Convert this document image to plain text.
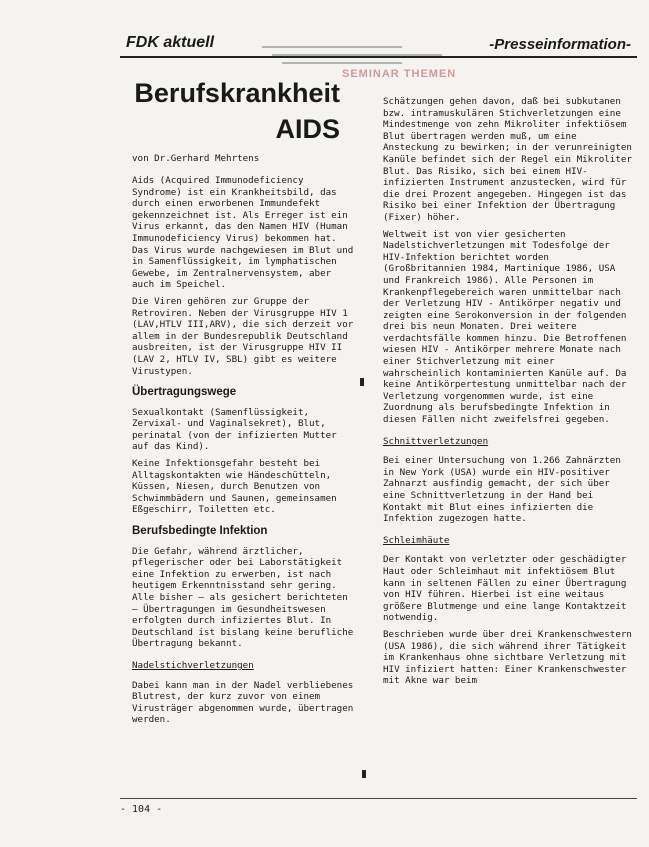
FDK aktuell	-Presseinformation-
SEMINAR THEMEN
Berufskrankheit
AIDS
von Dr.Gerhard Mehrtens

Aids (Acquired Immunodeficiency Syndrome) ist ein Krankheitsbild, das durch einen erworbenen Immundefekt gekennzeichnet ist. Als Erreger ist ein Virus erkannt, das den Namen HIV (Human Immunodeficiency Virus) bekommen hat. Das Virus wurde nachgewiesen im Blut und in Samenflüssigkeit, im lymphatischen Gewebe, im Zentralnervensystem, aber auch im Speichel.

Die Viren gehören zur Gruppe der Retroviren. Neben der Virusgruppe HIV 1 (LAV,HTLV III,ARV), die sich derzeit vor allem in der Bundesrepublik Deutschland ausbreiten, ist der Virusgruppe HIV II (LAV 2, HTLV IV, SBL) gibt es weitere Virustypen.

Übertragungswege

Sexualkontakt (Samenflüssigkeit, Zervixal- und Vaginalsekret), Blut, perinatal (von der infizierten Mutter auf das Kind).

Keine Infektionsgefahr besteht bei Alltagskontakten wie Händeschütteln, Küssen, Niesen, durch Benutzen von Schwimmbädern und Saunen, gemeinsamen Eßgeschirr, Toiletten etc.

Berufsbedingte Infektion

Die Gefahr, während ärztlicher, pflegerischer oder bei Laborstätigkeit eine Infektion zu erwerben, ist nach heutigem Erkenntnisstand sehr gering. Alle bisher – als gesichert berichteten – Übertragungen im Gesundheitswesen erfolgten durch infiziertes Blut. In Deutschland ist bislang keine berufliche Übertragung bekannt.

Nadelstichverletzungen

Dabei kann man in der Nadel verbliebenes Blutrest, der kurz zuvor von einem Virusträger abgenommen wurde, übertragen werden.

Schätzungen gehen davon, daß bei subkutanen bzw. intramuskulären Stichverletzungen eine Mindestmenge von zehn Mikroliter infektiösem Blut übertragen werden muß, um eine Ansteckung zu bewirken; in der verunreinigten Kanüle befindet sich der Regel ein Mikroliter Blut. Das Risiko, sich bei einem HIV-infizierten Instrument anzustecken, wird für die drei Prozent angegeben. Hingegen ist das Risiko bei einer Infektion der Übertragung (Fixer) höher.

Weltweit ist von vier gesicherten Nadelstichverletzungen mit Todesfolge der HIV-Infektion berichtet worden (Großbritannien 1984, Martinique 1986, USA und Frankreich 1986). Alle Personen im Krankenpflegebereich waren unmittelbar nach der Verletzung HIV - Antikörper negativ und zeigten eine Serokonversion in der folgenden drei bis neun Monaten. Drei weitere verdachtsfälle kommen hinzu. Die Betroffenen wiesen HIV - Antikörper mehrere Monate nach einer Stichverletzung mit einer wahrscheinlich kontaminierten Kanüle auf. Da keine Antikörpertestung unmittelbar nach der Verletzung vorgenommen wurde, ist eine Zuordnung als berufsbedingte Infektion in diesen Fällen nicht zweifelsfrei gegeben.

Schnittverletzungen

Bei einer Untersuchung von 1.266 Zahnärzten in New York (USA) wurde ein HIV-positiver Zahnarzt ausfindig gemacht, der sich über eine Schnittverletzung in der Hand bei Kontakt mit Blut eines infizierten die Infektion zugezogen hatte.

Schleimhäute

Der Kontakt von verletzter oder geschädigter Haut oder Schleimhaut mit infektiösem Blut kann in seltenen Fällen zu einer Übertragung von HIV führen. Hierbei ist eine weitaus größere Blutmenge und eine lange Kontaktzeit notwendig.

Beschrieben wurde über drei Krankenschwestern (USA 1986), die sich während ihrer Tätigkeit im Krankenhaus ohne sichtbare Verletzung mit HIV infiziert hatten: Einer Krankenschwester mit Akne war beim

- 104 -
